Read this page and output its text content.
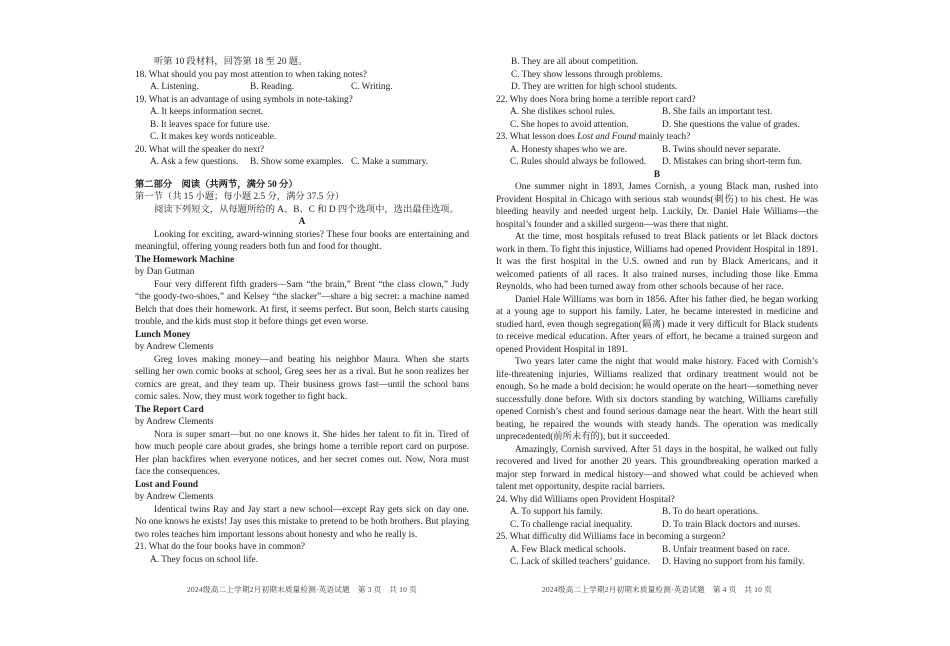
听第 10 段材料，回答第 18 至 20 题。
18. What should you pay most attention to when taking notes?
A. Listening.	B. Reading.	C. Writing.
19. What is an advantage of using symbols in note-taking?
A. It keeps information secret.
B. It leaves space for future use.
C. It makes key words noticeable.
20. What will the speaker do next?
A. Ask a few questions. B. Show some examples. C. Make a summary.
第二部分　阅读（共两节，满分 50 分）
第一节（共 15 小题；每小题 2.5 分，满分 37.5 分）
阅读下列短文，从每题所给的 A、B、C 和 D 四个选项中，选出最佳选项。
A
Looking for exciting, award-winning stories? These four books are entertaining and meaningful, offering young readers both fun and food for thought.
The Homework Machine
by Dan Gutman
Four very different fifth graders—Sam “the brain,” Brent “the class clown,” Judy “the goody-two-shoes,” and Kelsey “the slacker”—share a big secret: a machine named Belch that does their homework. At first, it seems perfect. But soon, Belch starts causing trouble, and the kids must stop it before things get even worse.
Lunch Money
by Andrew Clements
Greg loves making money—and beating his neighbor Maura. When she starts selling her own comic books at school, Greg sees her as a rival. But he soon realizes her comics are great, and they team up. Their business grows fast—until the school bans comic sales. Now, they must work together to fight back.
The Report Card
by Andrew Clements
Nora is super smart—but no one knows it. She hides her talent to fit in. Tired of how much people care about grades, she brings home a terrible report card on purpose. Her plan backfires when everyone notices, and her secret comes out. Now, Nora must face the consequences.
Lost and Found
by Andrew Clements
Identical twins Ray and Jay start a new school—except Ray gets sick on day one. No one knows he exists! Jay uses this mistake to pretend to be both brothers. But playing two roles teaches him important lessons about honesty and who he really is.
21. What do the four books have in common?
A. They focus on school life.
B. They are all about competition.
C. They show lessons through problems.
D. They are written for high school students.
22. Why does Nora bring home a terrible report card?
A. She dislikes school rules.	B. She fails an important test.
C. She hopes to avoid attention.	D. She questions the value of grades.
23. What lesson does Lost and Found mainly teach?
A. Honesty shapes who we are.	B. Twins should never separate.
C. Rules should always be followed. D. Mistakes can bring short-term fun.
B
One summer night in 1893, James Cornish, a young Black man, rushed into Provident Hospital in Chicago with serious stab wounds(刺伤) to his chest. He was bleeding heavily and needed urgent help. Luckily, Dr. Daniel Hale Williams—the hospital’s founder and a skilled surgeon—was there that night.
At the time, most hospitals refused to treat Black patients or let Black doctors work in them. To fight this injustice, Williams had opened Provident Hospital in 1891. It was the first hospital in the U.S. owned and run by Black Americans, and it welcomed patients of all races. It also trained nurses, including those like Emma Reynolds, who had been turned away from other schools because of her race.
Daniel Hale Williams was born in 1856. After his father died, he began working at a young age to support his family. Later, he became interested in medicine and studied hard, even though segregation(隔离) made it very difficult for Black students to receive medical education. After years of effort, he became a trained surgeon and opened Provident Hospital in 1891.
Two years later came the night that would make history. Faced with Cornish’s life-threatening injuries, Williams realized that ordinary treatment would not be enough. So he made a bold decision: he would operate on the heart—something never successfully done before. With six doctors standing by watching, Williams carefully opened Cornish’s chest and found serious damage near the heart. With the heart still beating, he repaired the wounds with steady hands. The operation was medically unprecedented(前所未有的), but it succeeded.
Amazingly, Cornish survived. After 51 days in the hospital, he walked out fully recovered and lived for another 20 years. This groundbreaking operation marked a major step forward in medical history—and showed what could be achieved when talent met opportunity, despite racial barriers.
24. Why did Williams open Provident Hospital?
A. To support his family.	B. To do heart operations.
C. To challenge racial inequality.	D. To train Black doctors and nurses.
25. What difficulty did Williams face in becoming a surgeon?
A. Few Black medical schools.	B. Unfair treatment based on race.
C. Lack of skilled teachers’ guidance. D. Having no support from his family.
2024级高二上学期2月初期末质量检测·英语试题　第 3 页　共 10 页	2024级高二上学期2月初期末质量检测·英语试题　第 4 页　共 10 页
